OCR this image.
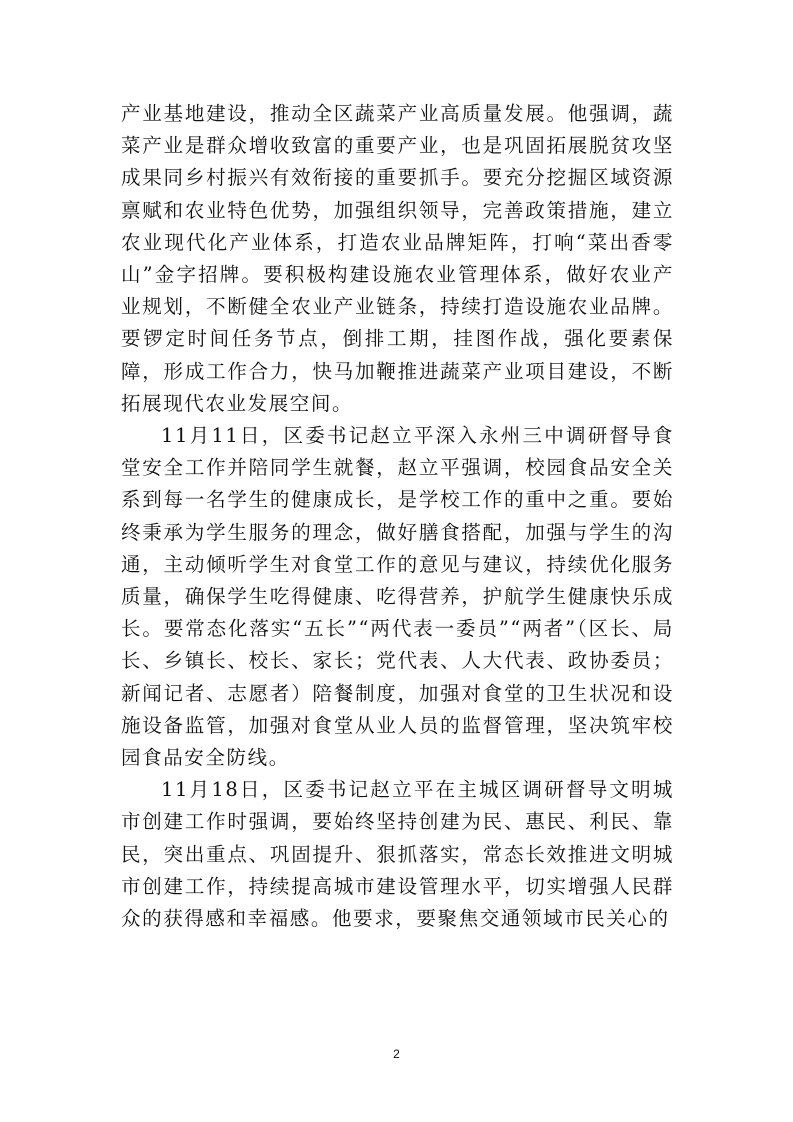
产业基地建设，推动全区蔬菜产业高质量发展。他强调，蔬菜产业是群众增收致富的重要产业，也是巩固拓展脱贫攻坚成果同乡村振兴有效衔接的重要抓手。要充分挖掘区域资源禀赋和农业特色优势，加强组织领导，完善政策措施，建立农业现代化产业体系，打造农业品牌矩阵，打响“菜出香零山”金字招牌。要积极构建设施农业管理体系，做好农业产业规划，不断健全农业产业链条，持续打造设施农业品牌。要锣定时间任务节点，倒排工期，挂图作战，强化要素保障，形成工作合力，快马加鞭推进蔬菜产业项目建设，不断拓展现代农业发展空间。

11月11日，区委书记赵立平深入永州三中调研督导食堂安全工作并陪同学生就餐，赵立平强调，校园食品安全关系到每一名学生的健康成长，是学校工作的重中之重。要始终秉承为学生服务的理念，做好膳食搭配，加强与学生的沟通，主动倾听学生对食堂工作的意见与建议，持续优化服务质量，确保学生吃得健康、吃得营养，护航学生健康快乐成长。要常态化落实“五长”“两代表一委员”“两者”（区长、局长、乡镇长、校长、家长；党代表、人大代表、政协委员；新闻记者、志愿者）陪餐制度，加强对食堂的卫生状况和设施设备监管，加强对食堂从业人员的监督管理，坚决筑牢校园食品安全防线。

11月18日，区委书记赵立平在主城区调研督导文明城市创建工作时强调，要始终坚持创建为民、惠民、利民、靠民，突出重点、巩固提升、狠抓落实，常态长效推进文明城市创建工作，持续提高城市建设管理水平，切实增强人民群众的获得感和幸福感。他要求，要聚焦交通领域市民关心的

2
